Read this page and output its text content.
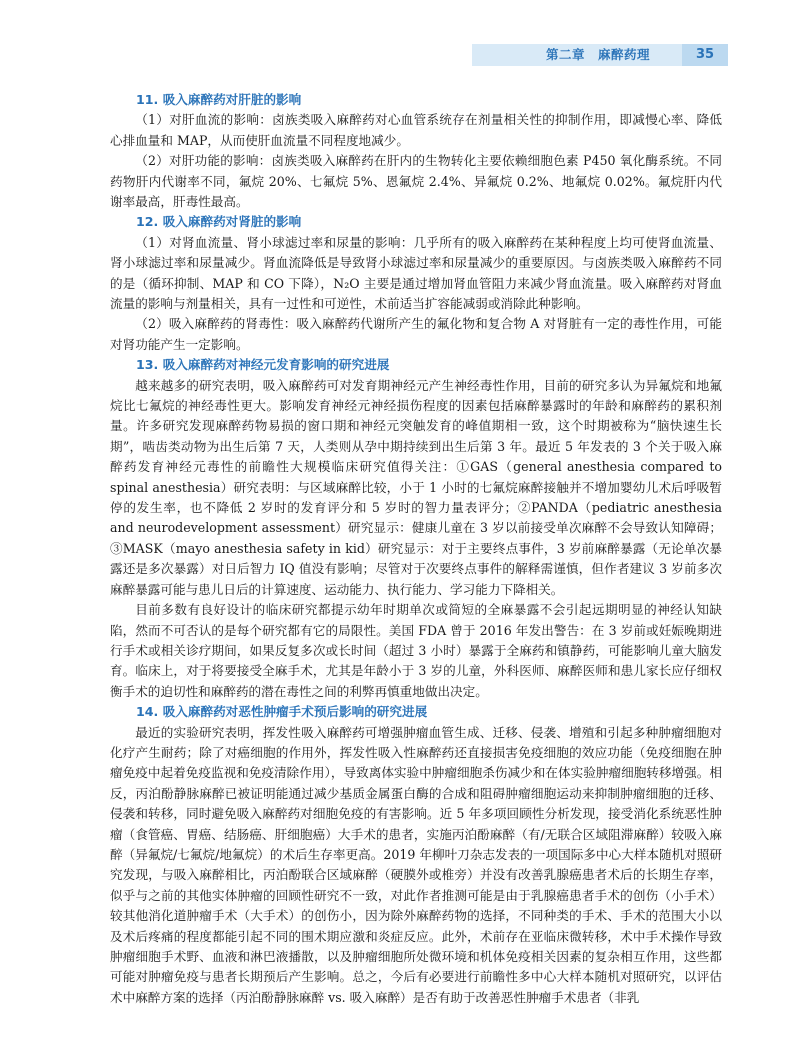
第二章　麻醉药理	35
11. 吸入麻醉药对肝脏的影响

（1）对肝血流的影响：卤族类吸入麻醉药对心血管系统存在剂量相关性的抑制作用，即减慢心率、降低心排血量和 MAP，从而使肝血流量不同程度地减少。

（2）对肝功能的影响：卤族类吸入麻醉药在肝内的生物转化主要依赖细胞色素 P450 氧化酶系统。不同药物肝内代谢率不同，氟烷 20%、七氟烷 5%、恩氟烷 2.4%、异氟烷 0.2%、地氟烷 0.02%。氟烷肝内代谢率最高，肝毒性最高。

12. 吸入麻醉药对肾脏的影响

（1）对肾血流量、肾小球滤过率和尿量的影响：几乎所有的吸入麻醉药在某种程度上均可使肾血流量、肾小球滤过率和尿量减少。肾血流降低是导致肾小球滤过率和尿量减少的重要原因。与卤族类吸入麻醉药不同的是（循环抑制、MAP 和 CO 下降），N₂O 主要是通过增加肾血管阻力来减少肾血流量。吸入麻醉药对肾血流量的影响与剂量相关，具有一过性和可逆性，术前适当扩容能减弱或消除此种影响。

（2）吸入麻醉药的肾毒性：吸入麻醉药代谢所产生的氟化物和复合物 A 对肾脏有一定的毒性作用，可能对肾功能产生一定影响。

13. 吸入麻醉药对神经元发育影响的研究进展

越来越多的研究表明，吸入麻醉药可对发育期神经元产生神经毒性作用，目前的研究多认为异氟烷和地氟烷比七氟烷的神经毒性更大。影响发育神经元神经损伤程度的因素包括麻醉暴露时的年龄和麻醉药的累积剂量。许多研究发现麻醉药物易损的窗口期和神经元突触发育的峰值期相一致，这个时期被称为“脑快速生长期”，啮齿类动物为出生后第 7 天，人类则从孕中期持续到出生后第 3 年。最近 5 年发表的 3 个关于吸入麻醉药发育神经元毒性的前瞻性大规模临床研究值得关注：①GAS（general anesthesia compared to spinal anesthesia）研究表明：与区域麻醉比较，小于 1 小时的七氟烷麻醉接触并不增加婴幼儿术后呼吸暂停的发生率，也不降低 2 岁时的发育评分和 5 岁时的智力量表评分；②PANDA（pediatric anesthesia and neurodevelopment assessment）研究显示：健康儿童在 3 岁以前接受单次麻醉不会导致认知障碍；③MASK（mayo anesthesia safety in kid）研究显示：对于主要终点事件，3 岁前麻醉暴露（无论单次暴露还是多次暴露）对日后智力 IQ 值没有影响；尽管对于次要终点事件的解释需谨慎，但作者建议 3 岁前多次麻醉暴露可能与患儿日后的计算速度、运动能力、执行能力、学习能力下降相关。

目前多数有良好设计的临床研究都提示幼年时期单次或简短的全麻暴露不会引起远期明显的神经认知缺陷，然而不可否认的是每个研究都有它的局限性。美国 FDA 曾于 2016 年发出警告：在 3 岁前或妊娠晚期进行手术或相关诊疗期间，如果反复多次或长时间（超过 3 小时）暴露于全麻药和镇静药，可能影响儿童大脑发育。临床上，对于将要接受全麻手术，尤其是年龄小于 3 岁的儿童，外科医师、麻醉医师和患儿家长应仔细权衡手术的迫切性和麻醉药的潜在毒性之间的利弊再慎重地做出决定。

14. 吸入麻醉药对恶性肿瘤手术预后影响的研究进展

最近的实验研究表明，挥发性吸入麻醉药可增强肿瘤血管生成、迁移、侵袭、增殖和引起多种肿瘤细胞对化疗产生耐药；除了对癌细胞的作用外，挥发性吸入性麻醉药还直接损害免疫细胞的效应功能（免疫细胞在肿瘤免疫中起着免疫监视和免疫清除作用），导致离体实验中肿瘤细胞杀伤减少和在体实验肿瘤细胞转移增强。相反，丙泊酚静脉麻醉已被证明能通过减少基质金属蛋白酶的合成和阻碍肿瘤细胞运动来抑制肿瘤细胞的迁移、侵袭和转移，同时避免吸入麻醉药对细胞免疫的有害影响。近 5 年多项回顾性分析发现，接受消化系统恶性肿瘤（食管癌、胃癌、结肠癌、肝细胞癌）大手术的患者，实施丙泊酚麻醉（有/无联合区域阻滞麻醉）较吸入麻醉（异氟烷/七氟烷/地氟烷）的术后生存率更高。2019 年柳叶刀杂志发表的一项国际多中心大样本随机对照研究发现，与吸入麻醉相比，丙泊酚联合区域麻醉（硬膜外或椎旁）并没有改善乳腺癌患者术后的长期生存率，似乎与之前的其他实体肿瘤的回顾性研究不一致，对此作者推测可能是由于乳腺癌患者手术的创伤（小手术）较其他消化道肿瘤手术（大手术）的创伤小，因为除外麻醉药物的选择，不同种类的手术、手术的范围大小以及术后疼痛的程度都能引起不同的围术期应激和炎症反应。此外，术前存在亚临床微转移，术中手术操作导致肿瘤细胞手术野、血液和淋巴液播散，以及肿瘤细胞所处微环境和机体免疫相关因素的复杂相互作用，这些都可能对肿瘤免疫与患者长期预后产生影响。总之，今后有必要进行前瞻性多中心大样本随机对照研究，以评估术中麻醉方案的选择（丙泊酚静脉麻醉 vs. 吸入麻醉）是否有助于改善恶性肿瘤手术患者（非乳
